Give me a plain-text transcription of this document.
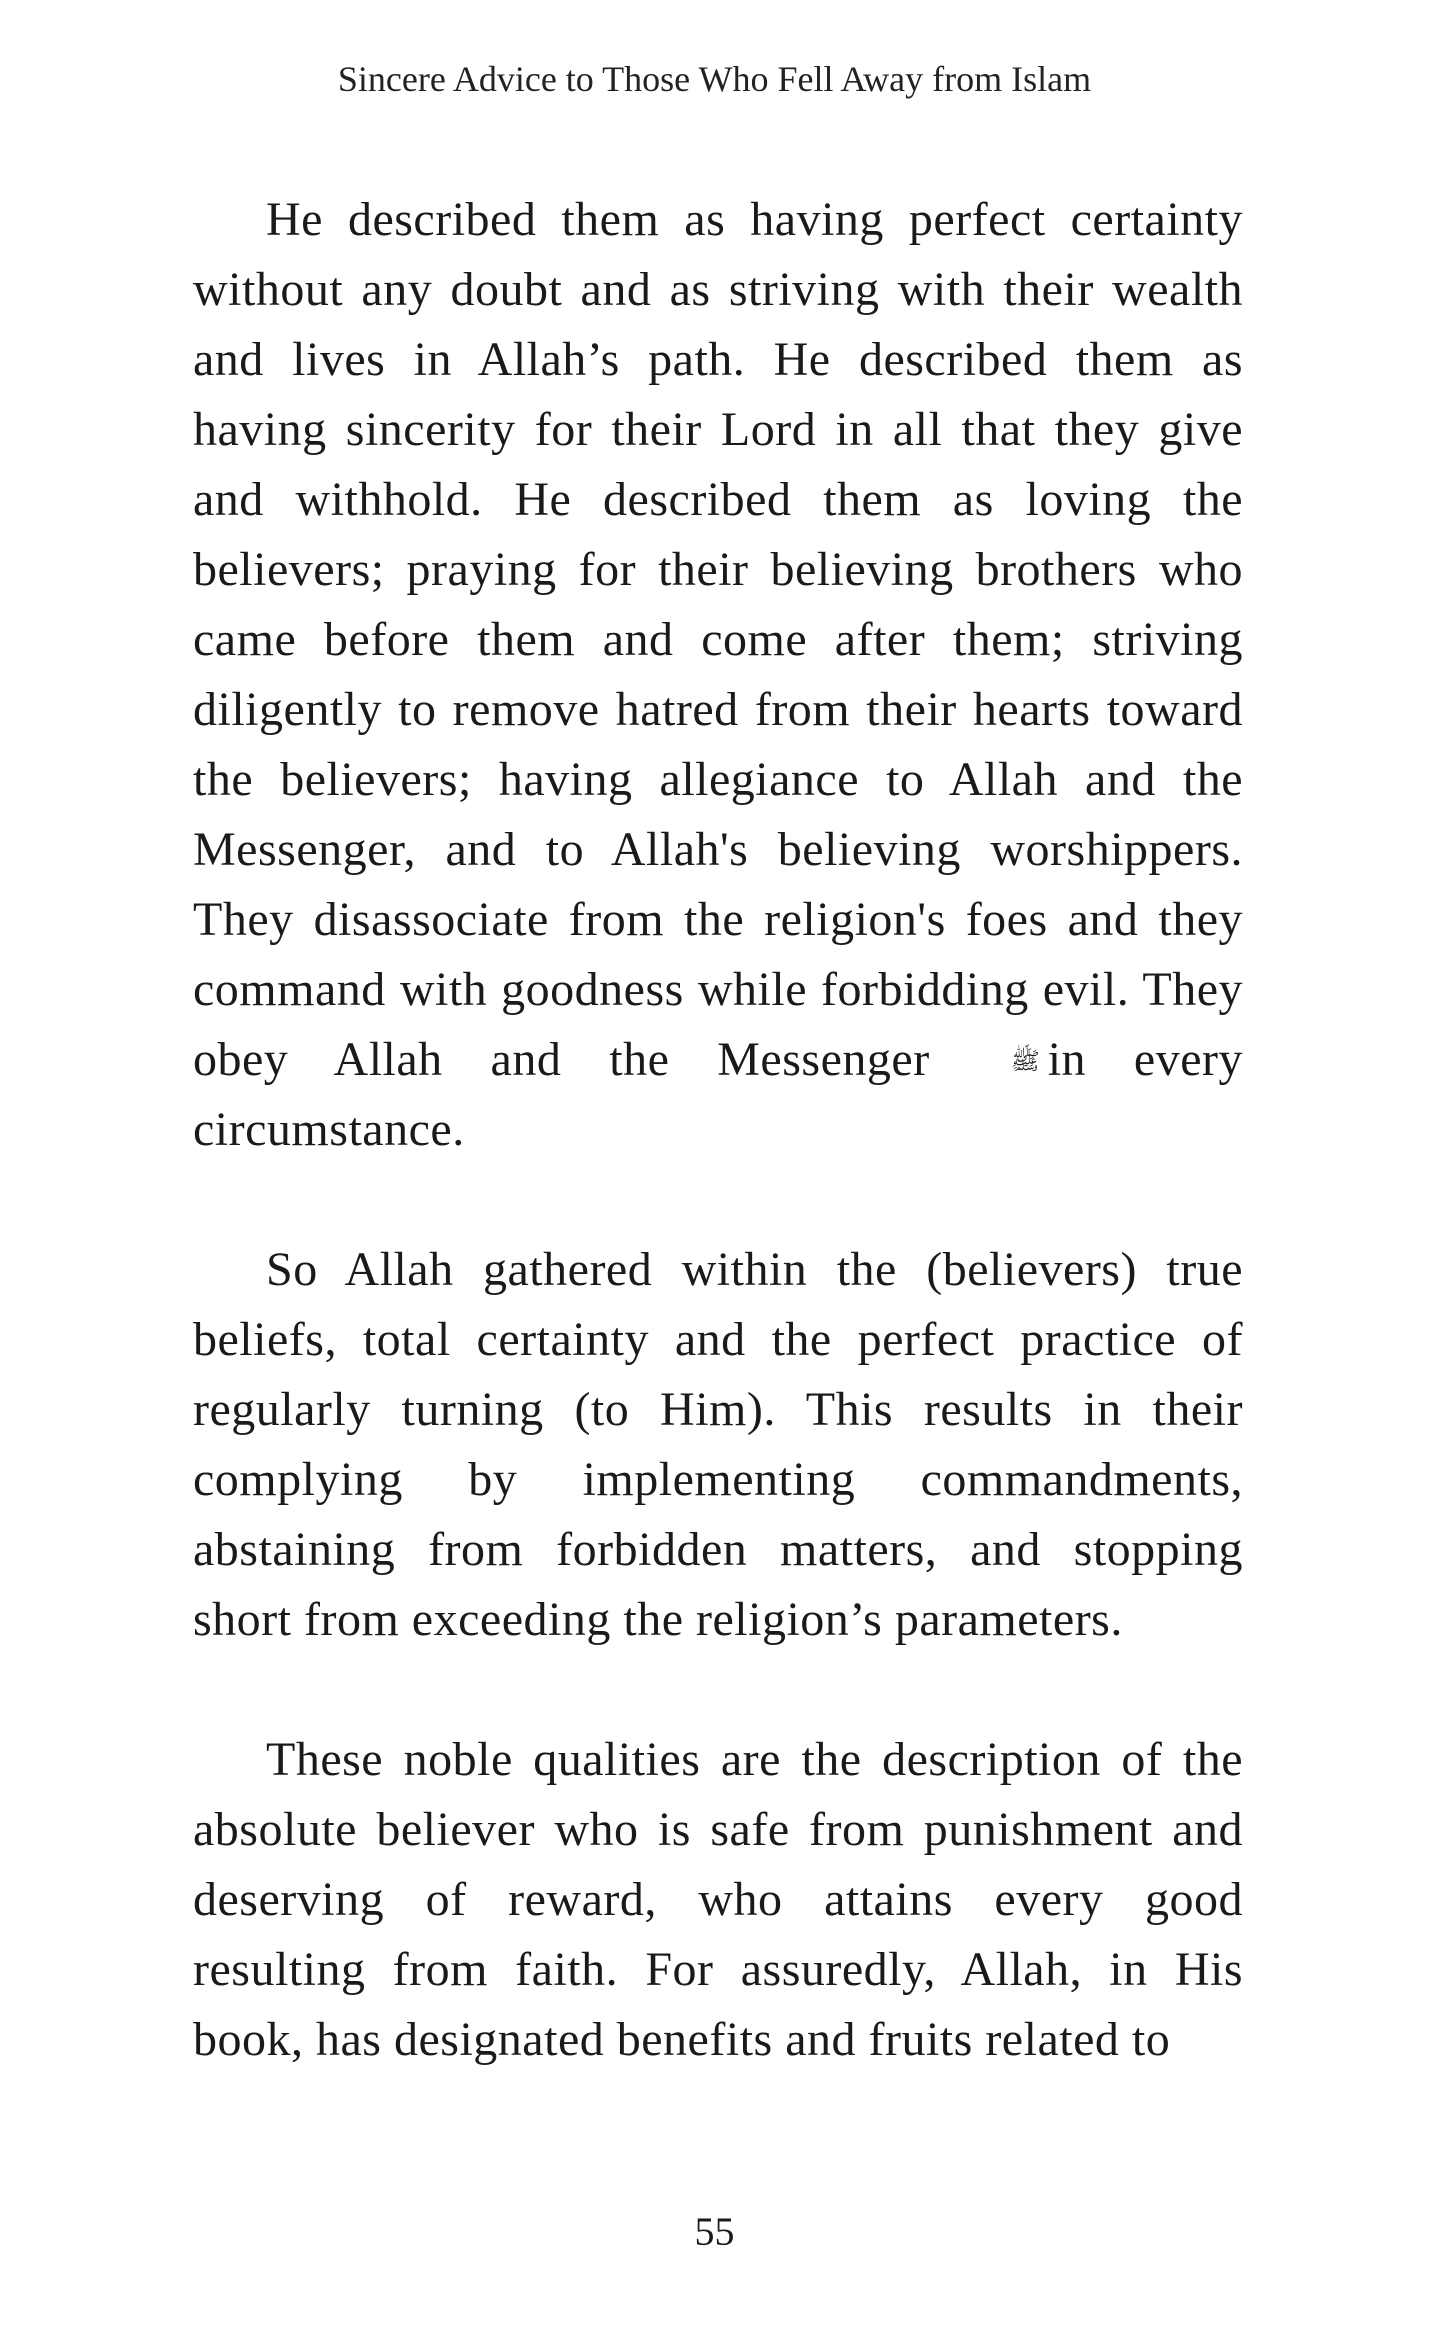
Sincere Advice to Those Who Fell Away from Islam

He described them as having perfect certainty without any doubt and as striving with their wealth and lives in Allah’s path. He described them as having sincerity for their Lord in all that they give and withhold. He described them as loving the believers; praying for their believing brothers who came before them and come after them; striving diligently to remove hatred from their hearts toward the believers; having allegiance to Allah and the Messenger, and to Allah's believing worshippers. They disassociate from the religion's foes and they command with goodness while forbidding evil. They obey Allah and the Messenger	ﷺ in every circumstance.

So Allah gathered within the (believers) true beliefs, total certainty and the perfect practice of regularly turning (to Him). This results in their complying by implementing commandments, abstaining from forbidden matters, and stopping short from exceeding the religion’s parameters.

These noble qualities are the description of the absolute believer who is safe from punishment and deserving of reward, who attains every good resulting from faith. For assuredly, Allah, in His book, has designated benefits and fruits related to

55
